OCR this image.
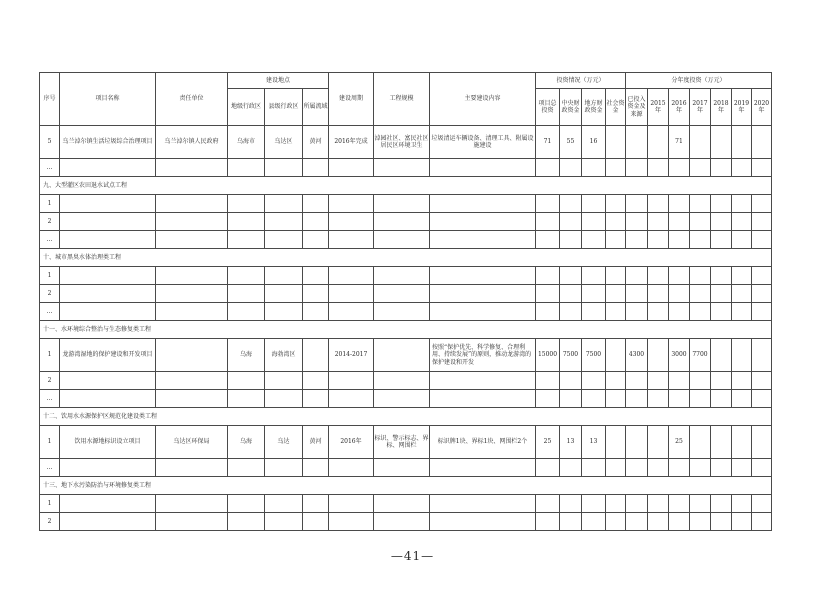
序号	项目名称	责任单位	建设地点			建设周期	工程规模	主要建设内容	投资情况（万元）				分年度投资（万元）						
			地级行政区	县级行政区	所属流域				项目总投资	中央财政资金	地方财政资金	社会资金	已投入资金及来源	2015年	2016年	2017年	2018年	2019年	2020年
5	乌兰淖尔镇生活垃圾综合治理项目	乌兰淖尔镇人民政府	乌海市	乌达区	黄河	2016年完成	淖园社区、富民社区居民区环境卫生	垃圾清运车辆设备、清理工具、附属设施建设	71	55	16				71				
…																			
九、大型灌区农田退水试点工程																			
1																			
2																			
…																			
十、城市黑臭水体治理类工程																			
1																			
2																			
…																			
十一、水环境综合整治与生态修复类工程																			
1	龙游湾湿地的保护建设和开发项目		乌海	海勃湾区		2014-2017		按照“保护优先、科学修复、合理利用、持续发展”的原则，推动龙游湾的保护建设和开发	15000	7500	7500		4300		3000	7700			
2																			
…																			
十二、饮用水水源保护区规范化建设类工程																			
1	饮用水源地标识设立项目	乌达区环保局	乌海	乌达	黄河	2016年	标识、警示标志、界标、网围栏	标识牌1块、界标1块、网围栏2个	25	13	13				25				
…																			
十三、地下水污染防治与环境修复类工程																			
1																			
2																			
—41—
